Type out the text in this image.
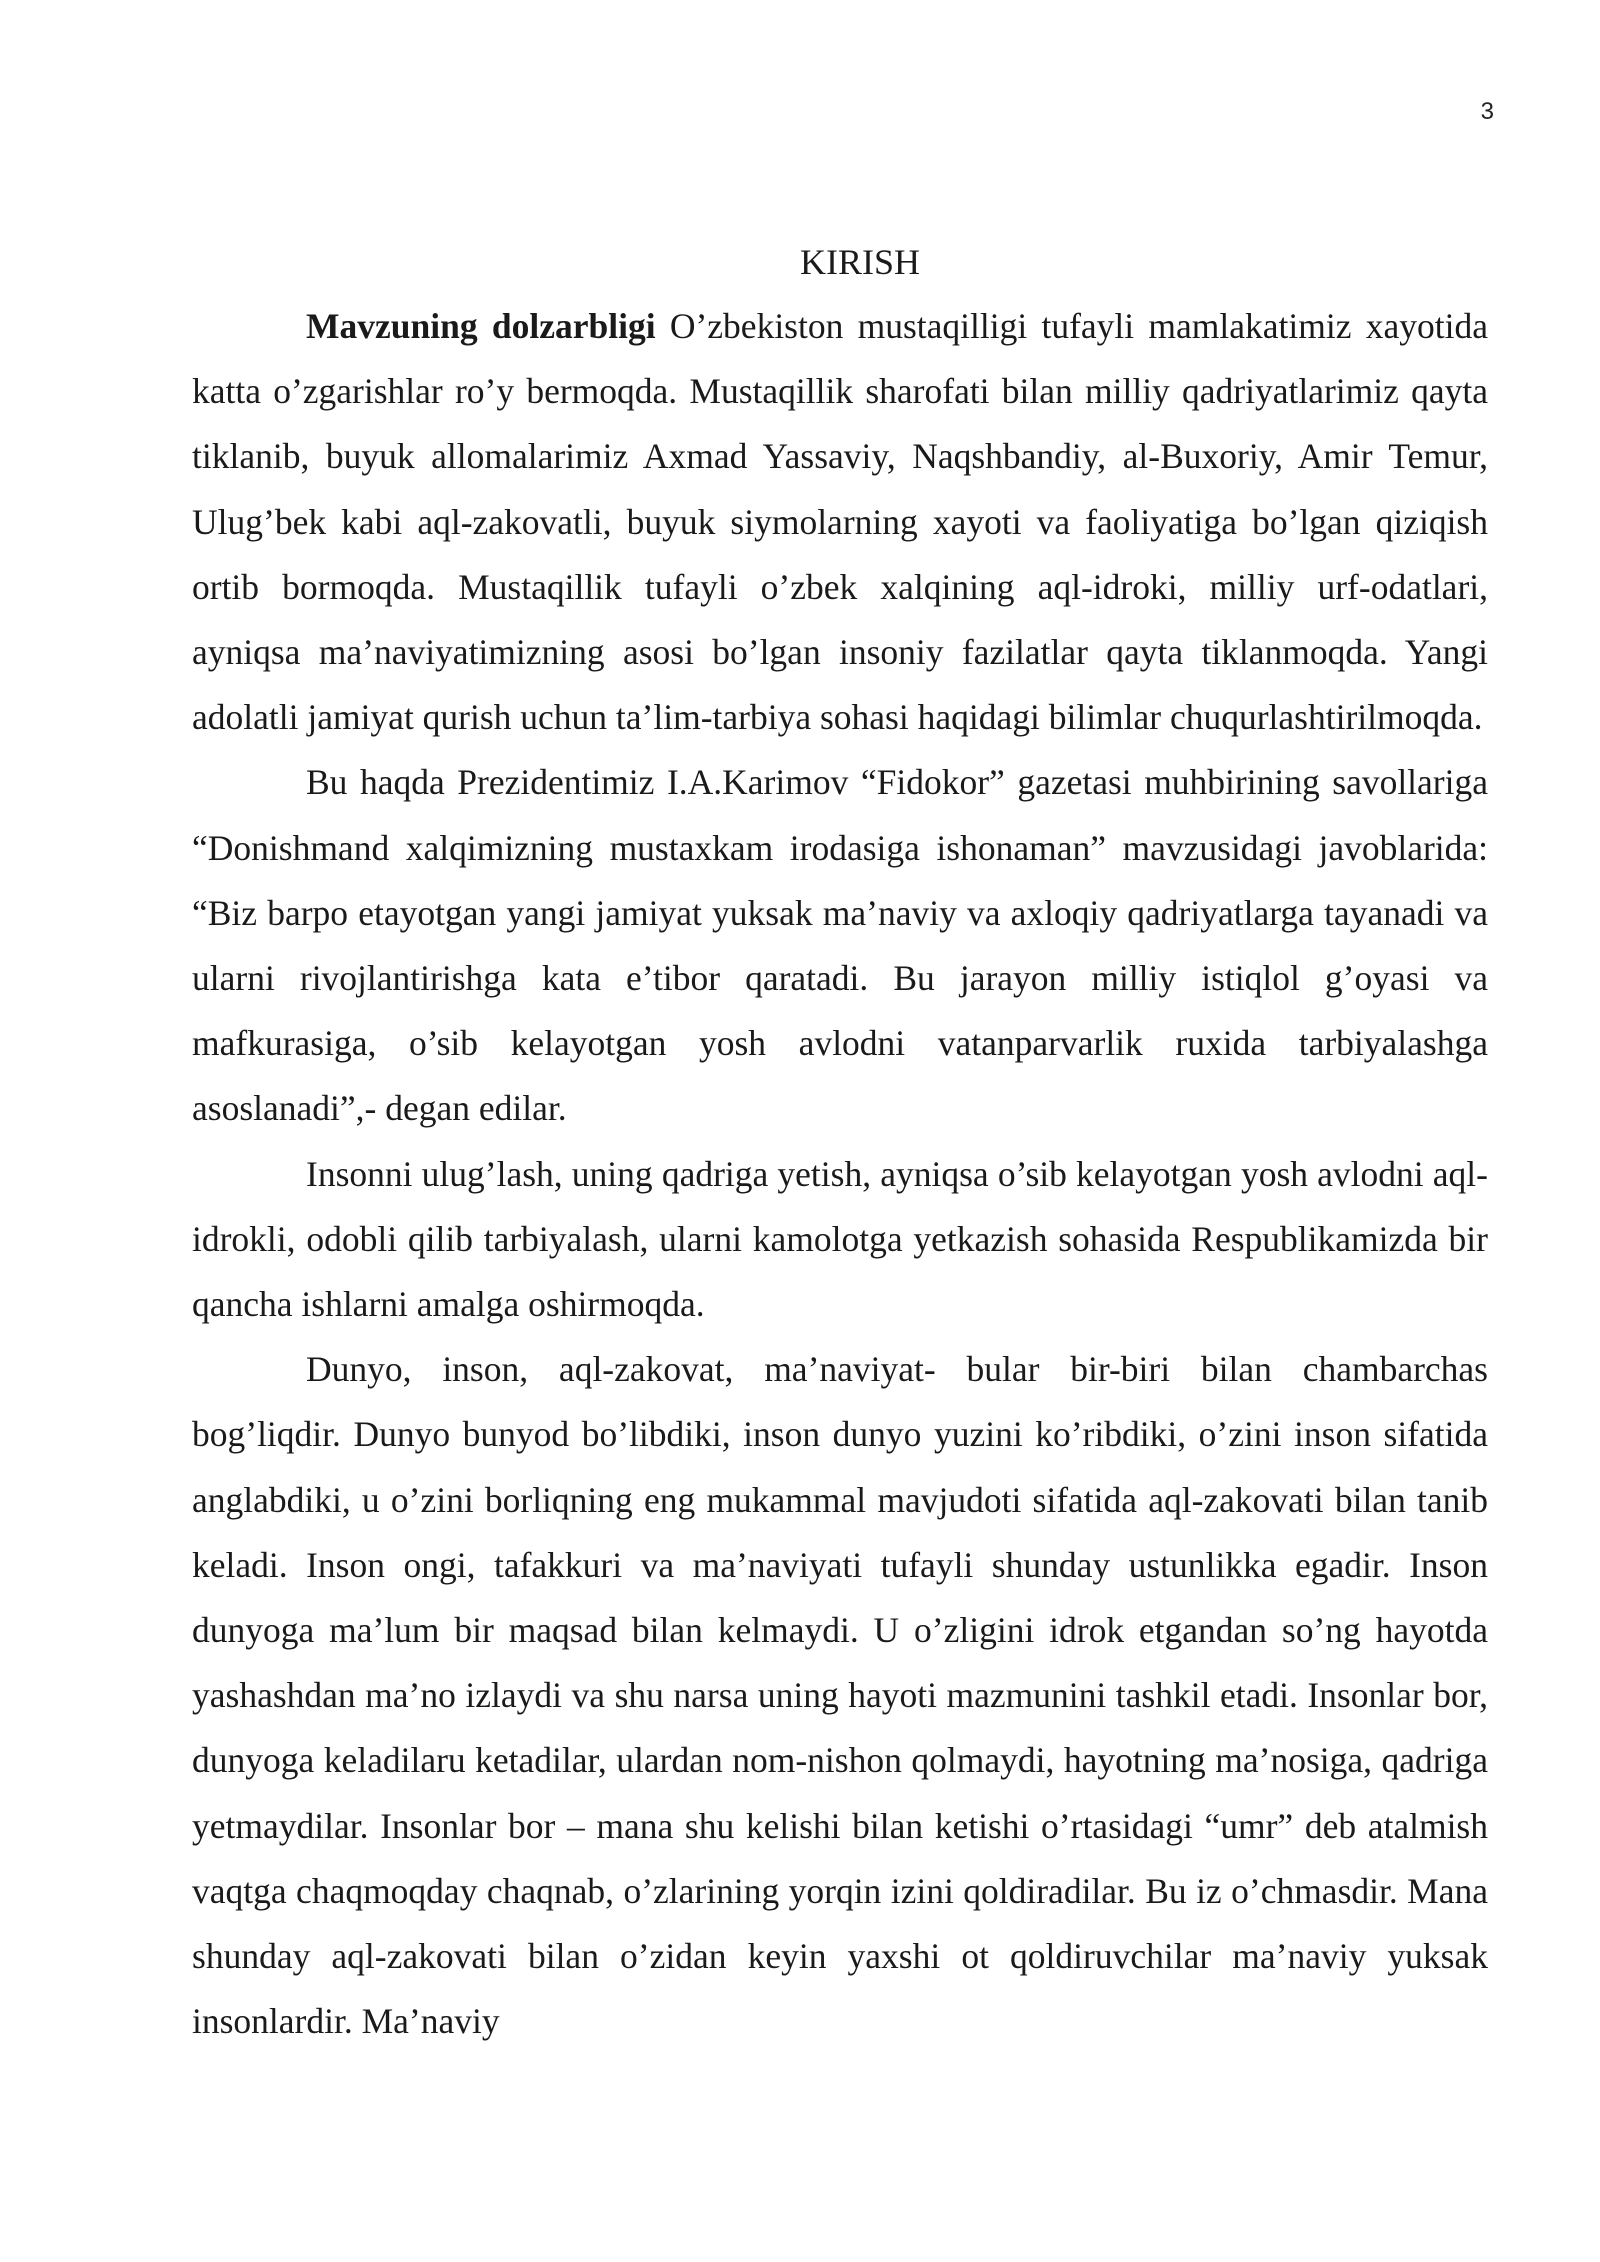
3
KIRISH

Mavzuning dolzarbligi O’zbekiston mustaqilligi tufayli mamlakatimiz xayotida katta o’zgarishlar ro’y bermoqda. Mustaqillik sharofati bilan milliy qadriyatlarimiz qayta tiklanib, buyuk allomalarimiz Axmad Yassaviy, Naqshbandiy, al-Buxoriy, Amir Temur, Ulug’bek kabi aql-zakovatli, buyuk siymolarning xayoti va faoliyatiga bo’lgan qiziqish ortib bormoqda. Mustaqillik tufayli o’zbek xalqining aql-idroki, milliy urf-odatlari, ayniqsa ma’naviyatimizning asosi bo’lgan insoniy fazilatlar qayta tiklanmoqda. Yangi adolatli jamiyat qurish uchun ta’lim-tarbiya sohasi haqidagi bilimlar chuqurlashtirilmoqda.

Bu haqda Prezidentimiz I.A.Karimov “Fidokor” gazetasi muhbirining savollariga “Donishmand xalqimizning mustaxkam irodasiga ishonaman” mavzusidagi javoblarida: “Biz barpo etayotgan yangi jamiyat yuksak ma’naviy va axloqiy qadriyatlarga tayanadi va ularni rivojlantirishga kata e’tibor qaratadi. Bu jarayon milliy istiqlol g’oyasi va mafkurasiga, o’sib kelayotgan yosh avlodni vatanparvarlik ruxida tarbiyalashga asoslanadi”,- degan edilar.

Insonni ulug’lash, uning qadriga yetish, ayniqsa o’sib kelayotgan yosh avlodni aql-idrokli, odobli qilib tarbiyalash, ularni kamolotga yetkazish sohasida Respublikamizda bir qancha ishlarni amalga oshirmoqda.

Dunyo, inson, aql-zakovat, ma’naviyat- bular bir-biri bilan chambarchas bog’liqdir. Dunyo bunyod bo’libdiki, inson dunyo yuzini ko’ribdiki, o’zini inson sifatida anglabdiki, u o’zini borliqning eng mukammal mavjudoti sifatida aql-zakovati bilan tanib keladi. Inson ongi, tafakkuri va ma’naviyati tufayli shunday ustunlikka egadir. Inson dunyoga ma’lum bir maqsad bilan kelmaydi. U o’zligini idrok etgandan so’ng hayotda yashashdan ma’no izlaydi va shu narsa uning hayoti mazmunini tashkil etadi. Insonlar bor, dunyoga keladilaru ketadilar, ulardan nom-nishon qolmaydi, hayotning ma’nosiga, qadriga yetmaydilar. Insonlar bor – mana shu kelishi bilan ketishi o’rtasidagi “umr” deb atalmish vaqtga chaqmoqday chaqnab, o’zlarining yorqin izini qoldiradilar. Bu iz o’chmasdir. Mana shunday aql-zakovati bilan o’zidan keyin yaxshi ot qoldiruvchilar ma’naviy yuksak insonlardir. Ma’naviy
